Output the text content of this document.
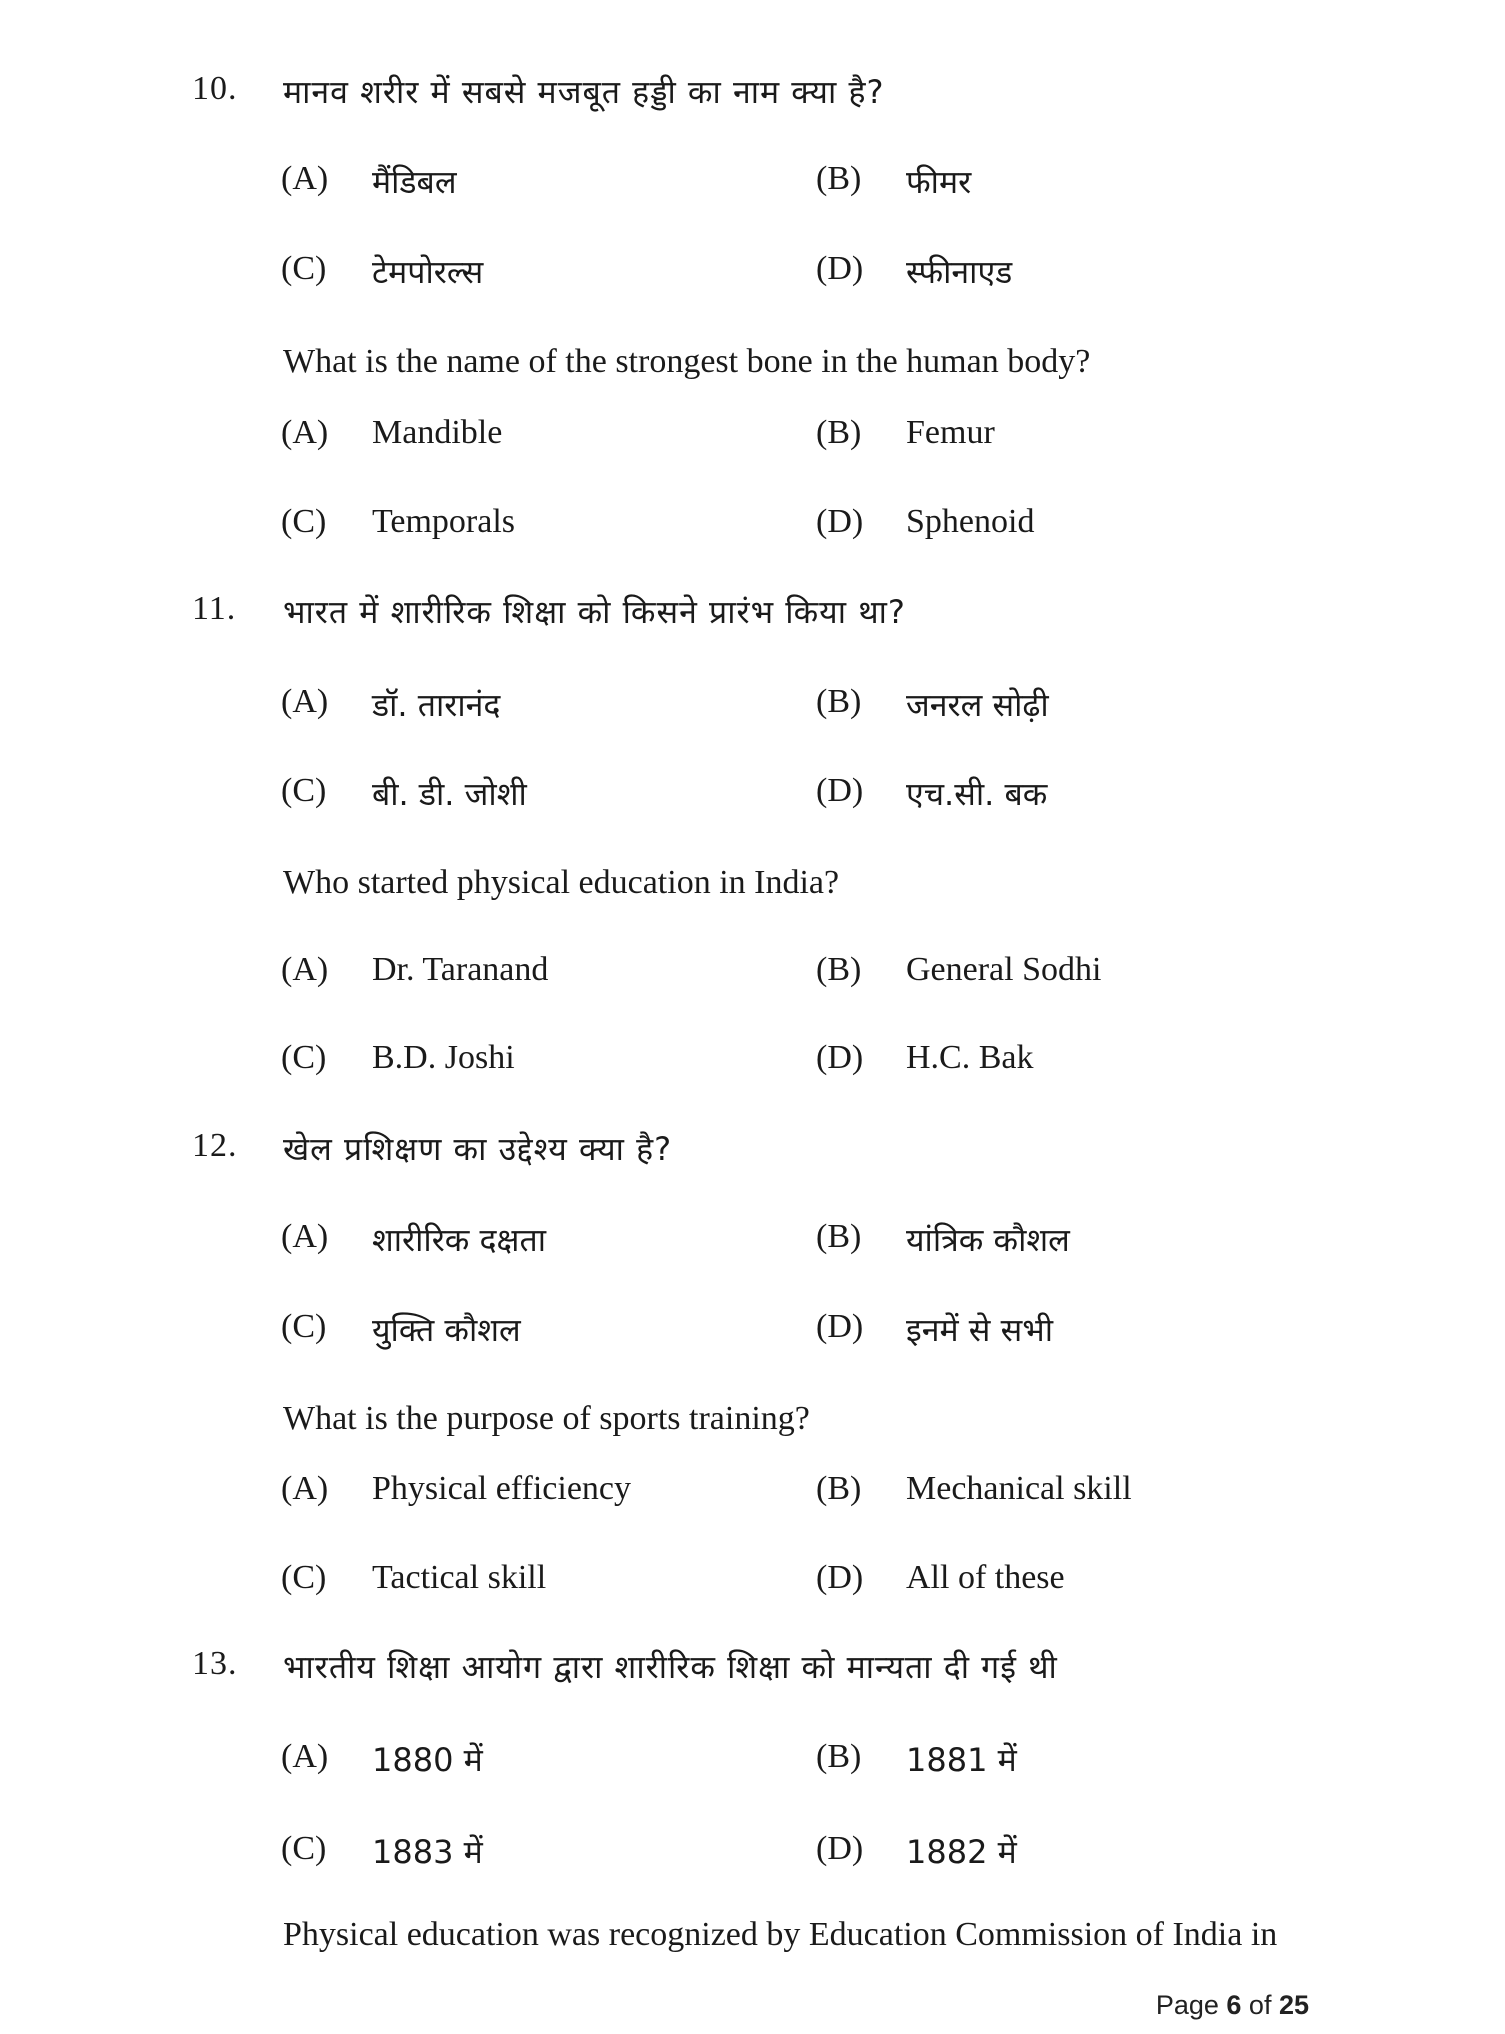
10. मानव शरीर में सबसे मजबूत हड्डी का नाम क्या है?
(A) मैंडिबल	(B) फीमर
(C) टेमपोरल्स	(D) स्फीनाएड
What is the name of the strongest bone in the human body?
(A) Mandible	(B) Femur
(C) Temporals	(D) Sphenoid
11. भारत में शारीरिक शिक्षा को किसने प्रारंभ किया था?
(A) डॉ. तारानंद	(B) जनरल सोढ़ी
(C) बी. डी. जोशी	(D) एच.सी. बक
Who started physical education in India?
(A) Dr. Taranand	(B) General Sodhi
(C) B.D. Joshi	(D) H.C. Bak
12. खेल प्रशिक्षण का उद्देश्य क्या है?
(A) शारीरिक दक्षता	(B) यांत्रिक कौशल
(C) युक्ति कौशल	(D) इनमें से सभी
What is the purpose of sports training?
(A) Physical efficiency	(B) Mechanical skill
(C) Tactical skill	(D) All of these
13. भारतीय शिक्षा आयोग द्वारा शारीरिक शिक्षा को मान्यता दी गई थी
(A) 1880 में	(B) 1881 में
(C) 1883 में	(D) 1882 में
Physical education was recognized by Education Commission of India in
Page 6 of 25
